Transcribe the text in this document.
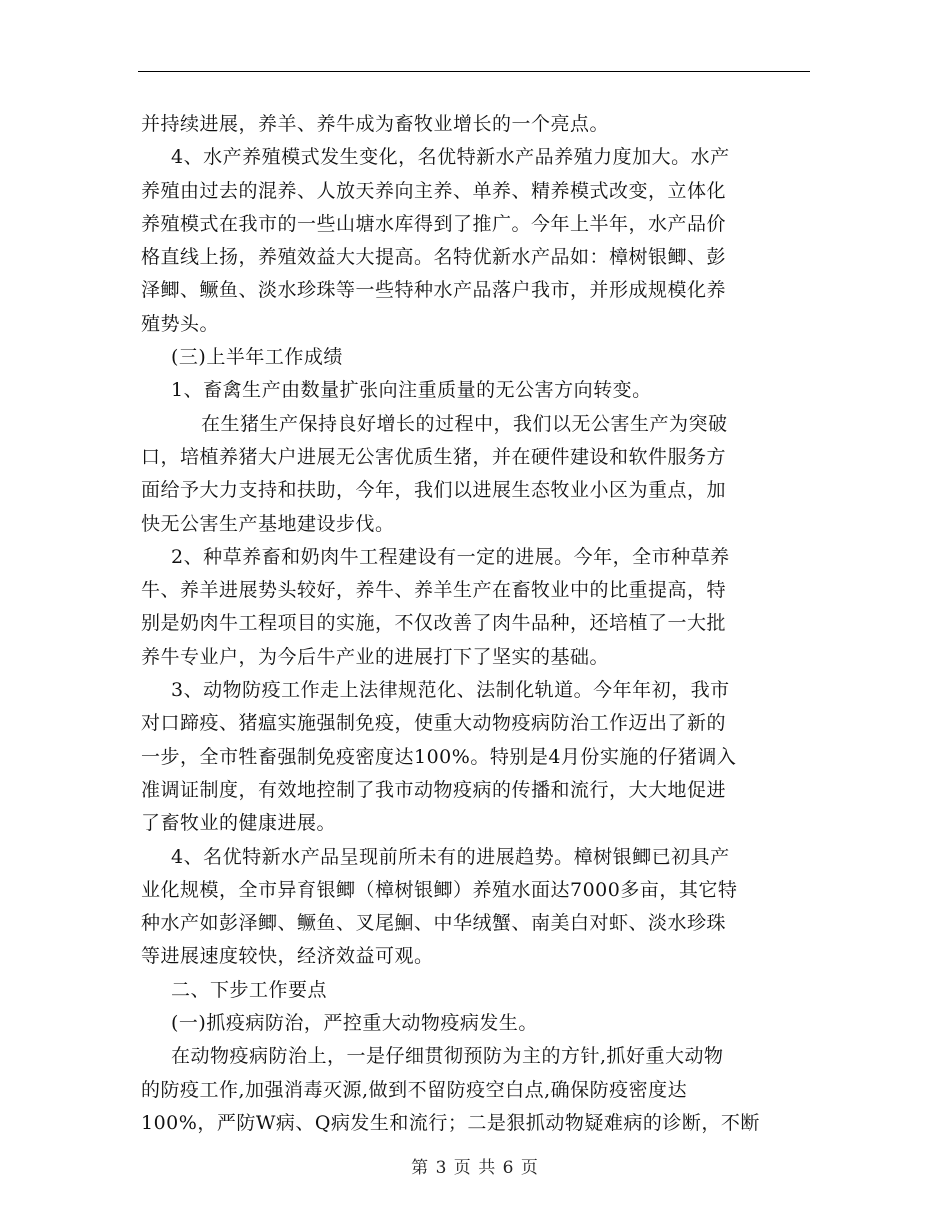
并持续进展，养羊、养牛成为畜牧业增长的一个亮点。
4、水产养殖模式发生变化，名优特新水产品养殖力度加大。水产
养殖由过去的混养、人放天养向主养、单养、精养模式改变，立体化
养殖模式在我市的一些山塘水库得到了推广。今年上半年，水产品价
格直线上扬，养殖效益大大提高。名特优新水产品如：樟树银鲫、彭
泽鲫、鳜鱼、淡水珍珠等一些特种水产品落户我市，并形成规模化养
殖势头。
(三)上半年工作成绩
1、畜禽生产由数量扩张向注重质量的无公害方向转变。
在生猪生产保持良好增长的过程中，我们以无公害生产为突破
口，培植养猪大户进展无公害优质生猪，并在硬件建设和软件服务方
面给予大力支持和扶助，今年，我们以进展生态牧业小区为重点，加
快无公害生产基地建设步伐。
2、种草养畜和奶肉牛工程建设有一定的进展。今年，全市种草养
牛、养羊进展势头较好，养牛、养羊生产在畜牧业中的比重提高，特
别是奶肉牛工程项目的实施，不仅改善了肉牛品种，还培植了一大批
养牛专业户，为今后牛产业的进展打下了坚实的基础。
3、动物防疫工作走上法律规范化、法制化轨道。今年年初，我市
对口蹄疫、猪瘟实施强制免疫，使重大动物疫病防治工作迈出了新的
一步，全市牲畜强制免疫密度达100%。特别是4月份实施的仔猪调入
准调证制度，有效地控制了我市动物疫病的传播和流行，大大地促进
了畜牧业的健康进展。
4、名优特新水产品呈现前所未有的进展趋势。樟树银鲫已初具产
业化规模，全市异育银鲫（樟树银鲫）养殖水面达7000多亩，其它特
种水产如彭泽鲫、鳜鱼、叉尾鮰、中华绒蟹、南美白对虾、淡水珍珠
等进展速度较快，经济效益可观。
二、下步工作要点
(一)抓疫病防治，严控重大动物疫病发生。
在动物疫病防治上，一是仔细贯彻预防为主的方针,抓好重大动物
的防疫工作,加强消毒灭源,做到不留防疫空白点,确保防疫密度达
100%，严防W病、Q病发生和流行；二是狠抓动物疑难病的诊断，不断
第 3 页 共 6 页
